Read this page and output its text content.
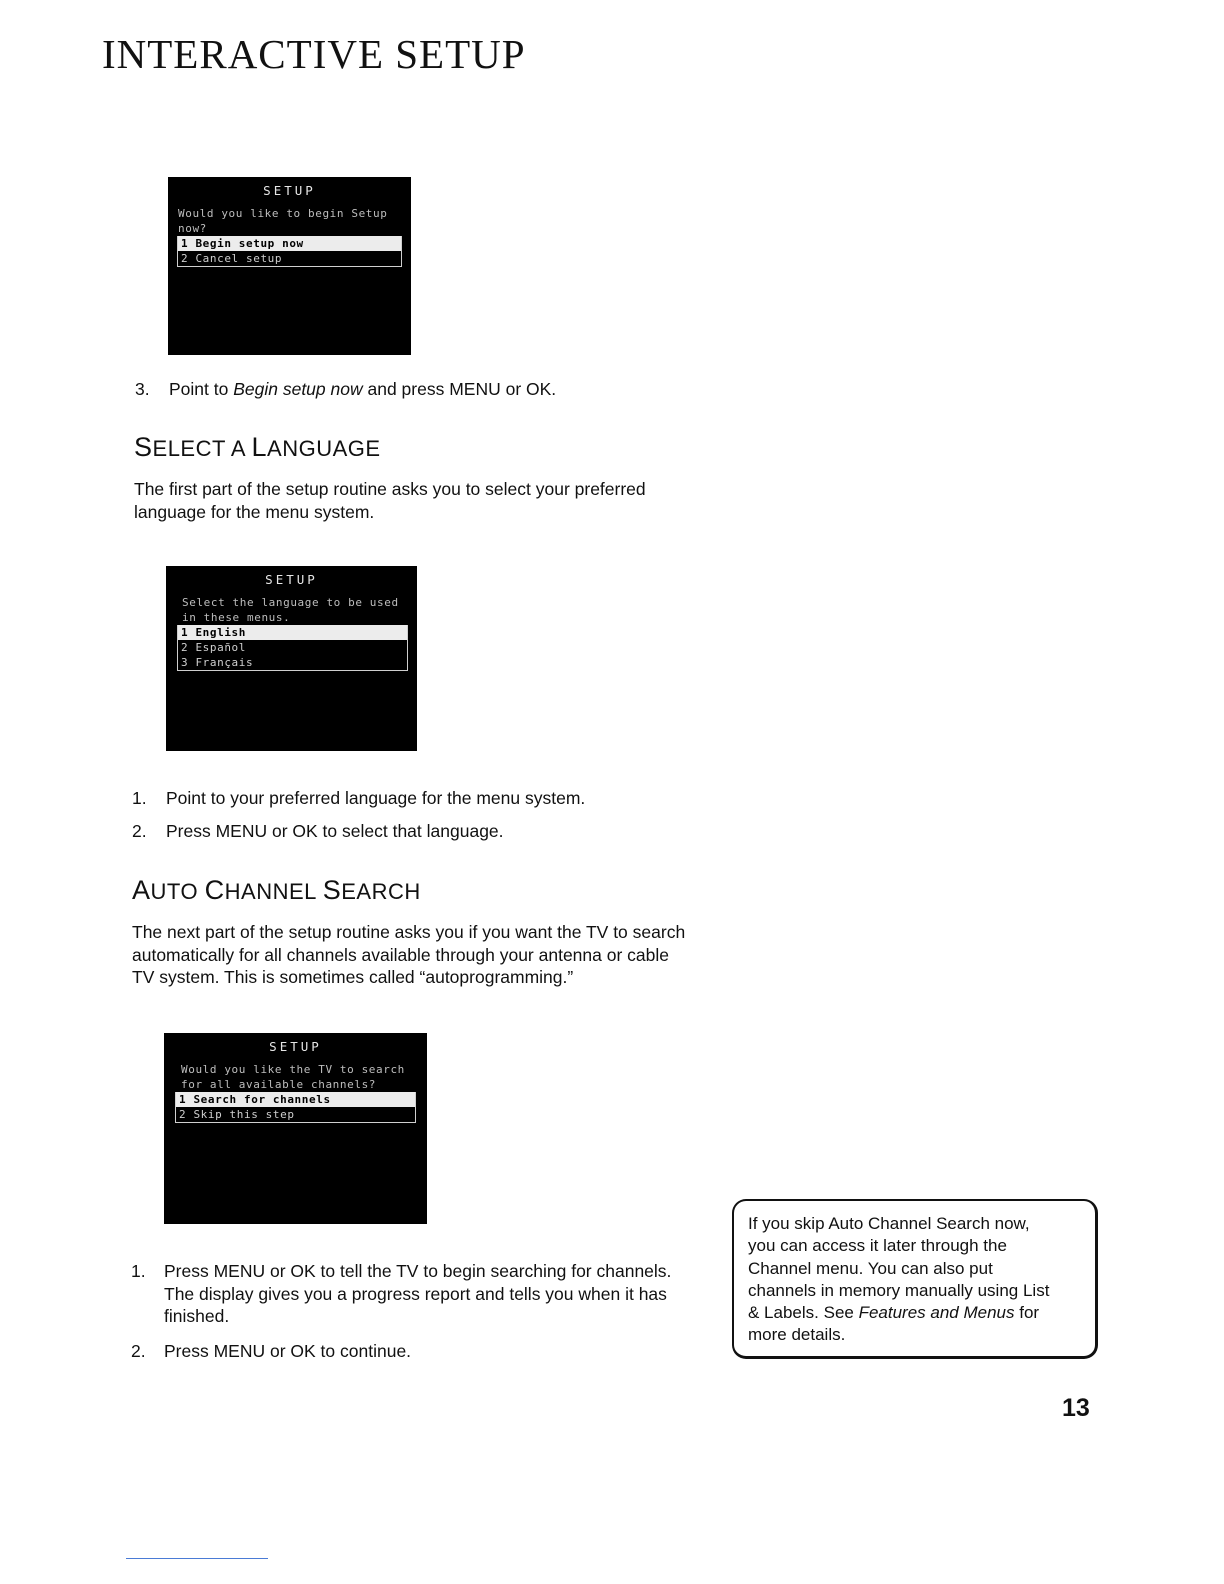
INTERACTIVE SETUP
SETUP
Would you like to begin Setup
now?
1 Begin setup now
2 Cancel setup
3. Point to Begin setup now and press MENU or OK.
SELECT A LANGUAGE
The first part of the setup routine asks you to select your preferred
language for the menu system.
SETUP
Select the language to be used
in these menus.
1 English
2 Español
3 Français
1. Point to your preferred language for the menu system.
2. Press MENU or OK to select that language.
AUTO CHANNEL SEARCH
The next part of the setup routine asks you if you want the TV to search
automatically for all channels available through your antenna or cable
TV system. This is sometimes called “autoprogramming.”
SETUP
Would you like the TV to search
for all available channels?
1 Search for channels
2 Skip this step
1. Press MENU or OK to tell the TV to begin searching for channels.
The display gives you a progress report and tells you when it has
finished.
2. Press MENU or OK to continue.
If you skip Auto Channel Search now,
you can access it later through the
Channel menu. You can also put
channels in memory manually using List
& Labels. See Features and Menus for
more details.
13
